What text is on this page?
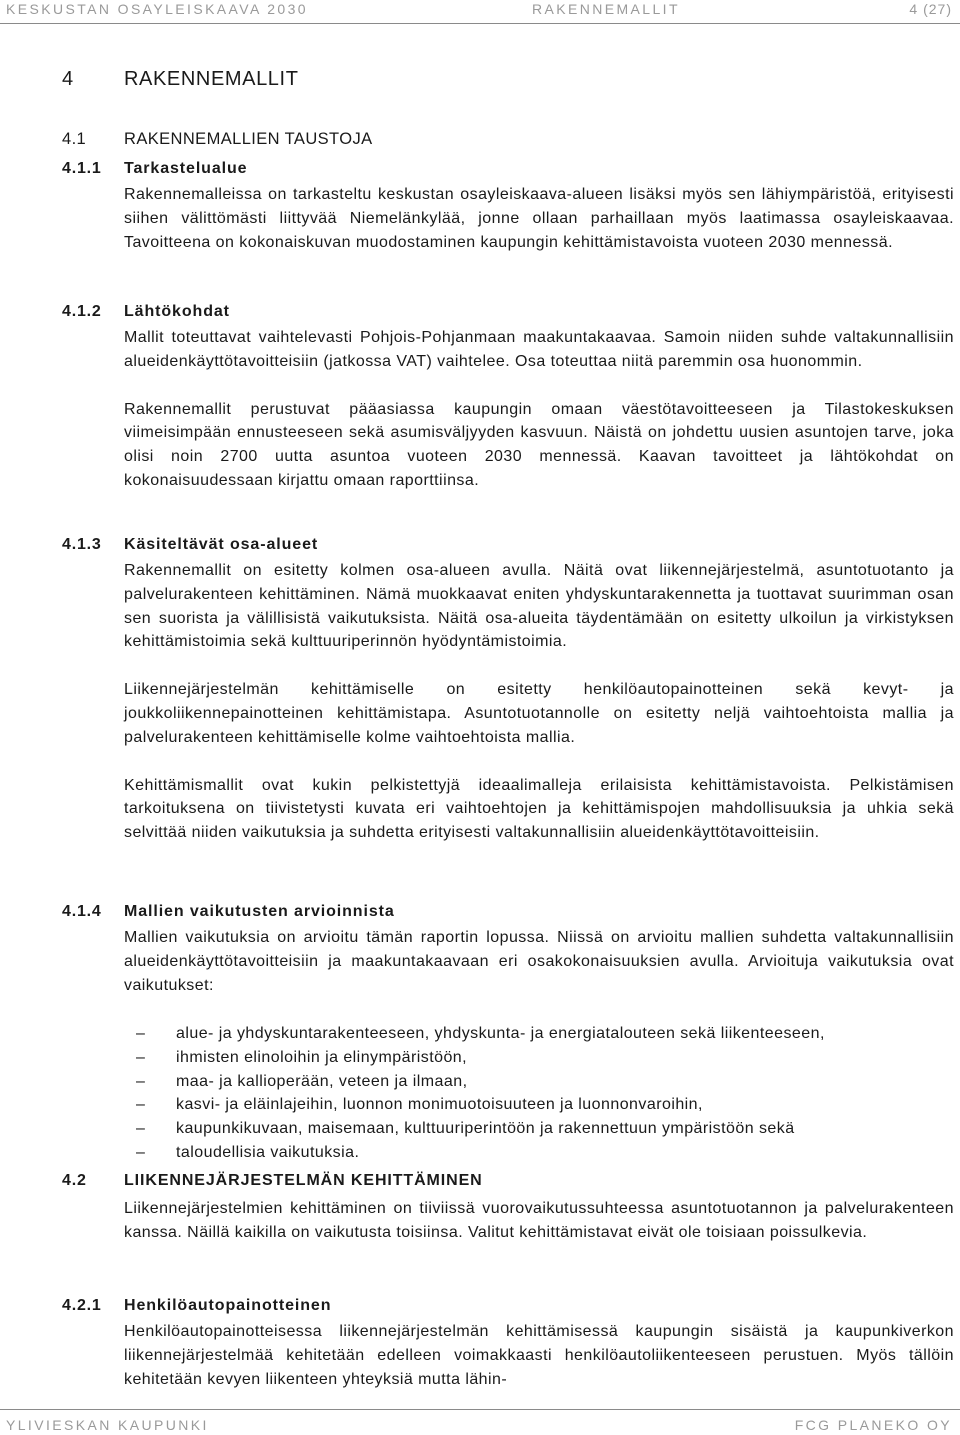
KESKUSTAN OSAYLEISKAAVA 2030	RAKENNEMALLIT	4 (27)
4	RAKENNEMALLIT
4.1 RAKENNEMALLIEN TAUSTOJA
4.1.1 Tarkastelualue

Rakennemalleissa on tarkasteltu keskustan osayleiskaava-alueen lisäksi myös sen lähiympäristöä, erityisesti siihen välittömästi liittyvää Niemelänkylää, jonne ollaan parhaillaan myös laatimassa osayleiskaavaa. Tavoitteena on kokonaiskuvan muodostaminen kaupungin kehittämistavoista vuoteen 2030 mennessä.

4.1.2 Lähtökohdat

Mallit toteuttavat vaihtelevasti Pohjois-Pohjanmaan maakuntakaavaa. Samoin niiden suhde valtakunnallisiin alueidenkäyttötavoitteisiin (jatkossa VAT) vaihtelee. Osa toteuttaa niitä paremmin osa huonommin.

Rakennemallit perustuvat pääasiassa kaupungin omaan väestötavoitteeseen ja Tilastokeskuksen viimeisimpään ennusteeseen sekä asumisväljyyden kasvuun. Näistä on johdettu uusien asuntojen tarve, joka olisi noin 2700 uutta asuntoa vuoteen 2030 mennessä. Kaavan tavoitteet ja lähtökohdat on kokonaisuudessaan kirjattu omaan raporttiinsa.

4.1.3 Käsiteltävät osa-alueet

Rakennemallit on esitetty kolmen osa-alueen avulla. Näitä ovat liikennejärjestelmä, asuntotuotanto ja palvelurakenteen kehittäminen. Nämä muokkaavat eniten yhdyskuntarakennetta ja tuottavat suurimman osan sen suorista ja välillisistä vaikutuksista. Näitä osa-alueita täydentämään on esitetty ulkoilun ja virkistyksen kehittämistoimia sekä kulttuuriperinnön hyödyntämistoimia.

Liikennejärjestelmän kehittämiselle on esitetty henkilöautopainotteinen sekä kevyt- ja joukkoliikennepainotteinen kehittämistapa. Asuntotuotannolle on esitetty neljä vaihtoehtoista mallia ja palvelurakenteen kehittämiselle kolme vaihtoehtoista mallia.

Kehittämismallit ovat kukin pelkistettyjä ideaalimalleja erilaisista kehittämistavoista. Pelkistämisen tarkoituksena on tiivistetysti kuvata eri vaihtoehtojen ja kehittämispojen mahdollisuuksia ja uhkia sekä selvittää niiden vaikutuksia ja suhdetta erityisesti valtakunnallisiin alueidenkäyttötavoitteisiin.

4.1.4 Mallien vaikutusten arvioinnista

Mallien vaikutuksia on arvioitu tämän raportin lopussa. Niissä on arvioitu mallien suhdetta valtakunnallisiin alueidenkäyttötavoitteisiin ja maakuntakaavaan eri osakokonaisuuksien avulla. Arvioituja vaikutuksia ovat vaikutukset:

– alue- ja yhdyskuntarakenteeseen, yhdyskunta- ja energiatalouteen sekä liikenteeseen,
– ihmisten elinoloihin ja elinympäristöön,
– maa- ja kallioperään, veteen ja ilmaan,
– kasvi- ja eläinlajeihin, luonnon monimuotoisuuteen ja luonnonvaroihin,
– kaupunkikuvaan, maisemaan, kulttuuriperintöön ja rakennettuun ympäristöön sekä
– taloudellisia vaikutuksia.
4.2 LIIKENNEJÄRJESTELMÄN KEHITTÄMINEN

Liikennejärjestelmien kehittäminen on tiiviissä vuorovaikutussuhteessa asuntotuotannon ja palvelurakenteen kanssa. Näillä kaikilla on vaikutusta toisiinsa. Valitut kehittämistavat eivät ole toisiaan poissulkevia.

4.2.1 Henkilöautopainotteinen

Henkilöautopainotteisessa liikennejärjestelmän kehittämisessä kaupungin sisäistä ja kaupunkiverkon liikennejärjestelmää kehitetään edelleen voimakkaasti henkilöautoliikenteeseen perustuen. Myös tällöin kehitetään kevyen liikenteen yhteyksiä mutta lähin-

YLIVIESKAN KAUPUNKI	FCG PLANEKO OY
